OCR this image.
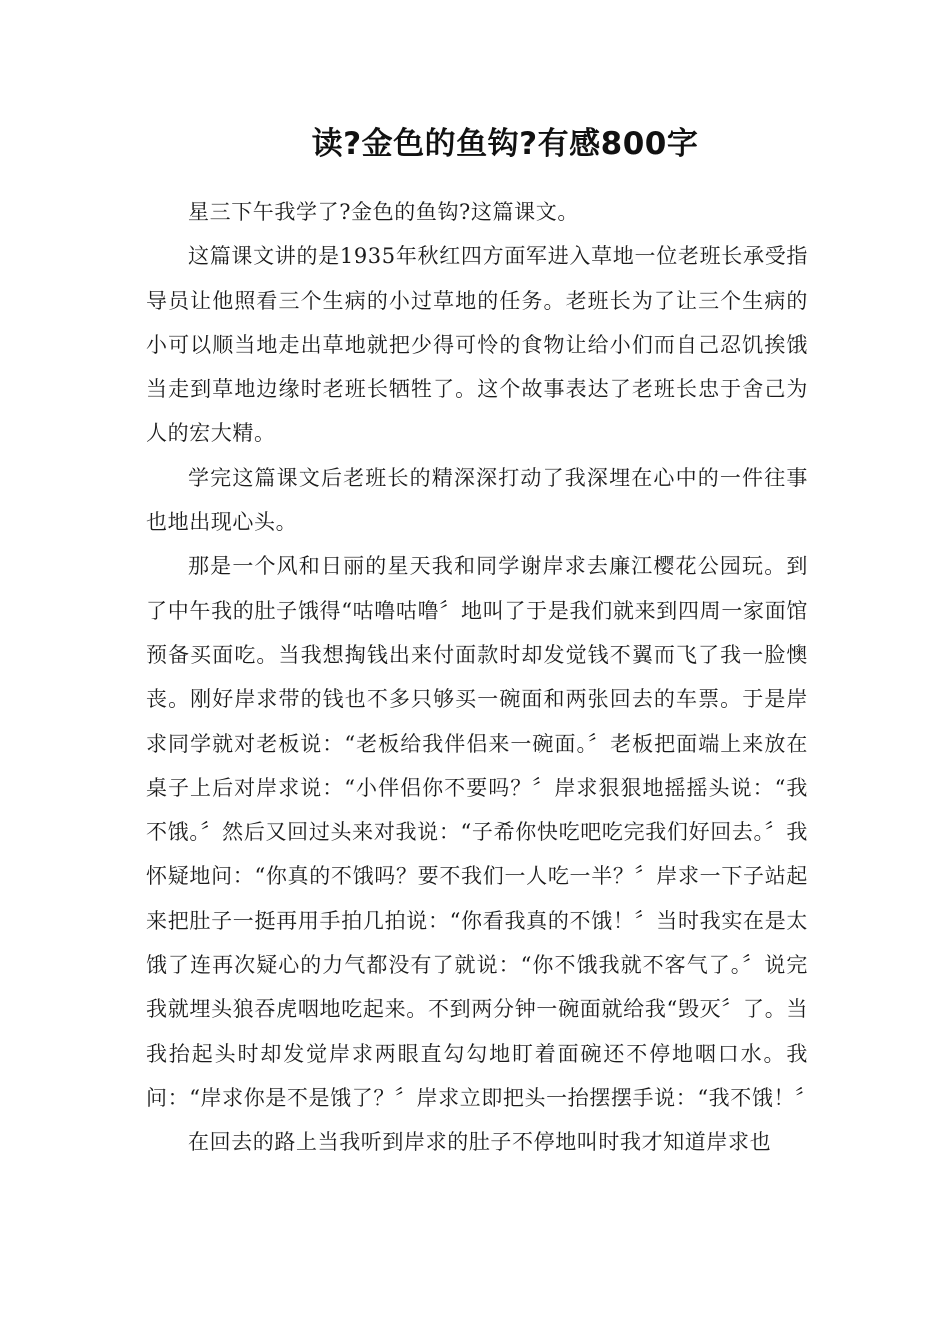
读?金色的鱼钩?有感800字

星三下午我学了?金色的鱼钩?这篇课文。

这篇课文讲的是1935年秋红四方面军进入草地一位老班长承受指导员让他照看三个生病的小过草地的任务。老班长为了让三个生病的小可以顺当地走出草地就把少得可怜的食物让给小们而自己忍饥挨饿当走到草地边缘时老班长牺牲了。这个故事表达了老班长忠于舍己为人的宏大精。

学完这篇课文后老班长的精深深打动了我深埋在心中的一件往事也地出现心头。

那是一个风和日丽的星天我和同学谢岸求去廉江樱花公园玩。到了中午我的肚子饿得“咕噜咕噜〞地叫了于是我们就来到四周一家面馆预备买面吃。当我想掏钱出来付面款时却发觉钱不翼而飞了我一脸懊丧。刚好岸求带的钱也不多只够买一碗面和两张回去的车票。于是岸求同学就对老板说：“老板给我伴侣来一碗面。〞老板把面端上来放在桌子上后对岸求说：“小伴侣你不要吗？〞岸求狠狠地摇摇头说：“我不饿。〞然后又回过头来对我说：“子希你快吃吧吃完我们好回去。〞我怀疑地问：“你真的不饿吗？要不我们一人吃一半？〞岸求一下子站起来把肚子一挺再用手拍几拍说：“你看我真的不饿！〞当时我实在是太饿了连再次疑心的力气都没有了就说：“你不饿我就不客气了。〞说完我就埋头狼吞虎咽地吃起来。不到两分钟一碗面就给我“毁灭〞了。当我抬起头时却发觉岸求两眼直勾勾地盯着面碗还不停地咽口水。我问：“岸求你是不是饿了？〞岸求立即把头一抬摆摆手说：“我不饿！〞

在回去的路上当我听到岸求的肚子不停地叫时我才知道岸求也
